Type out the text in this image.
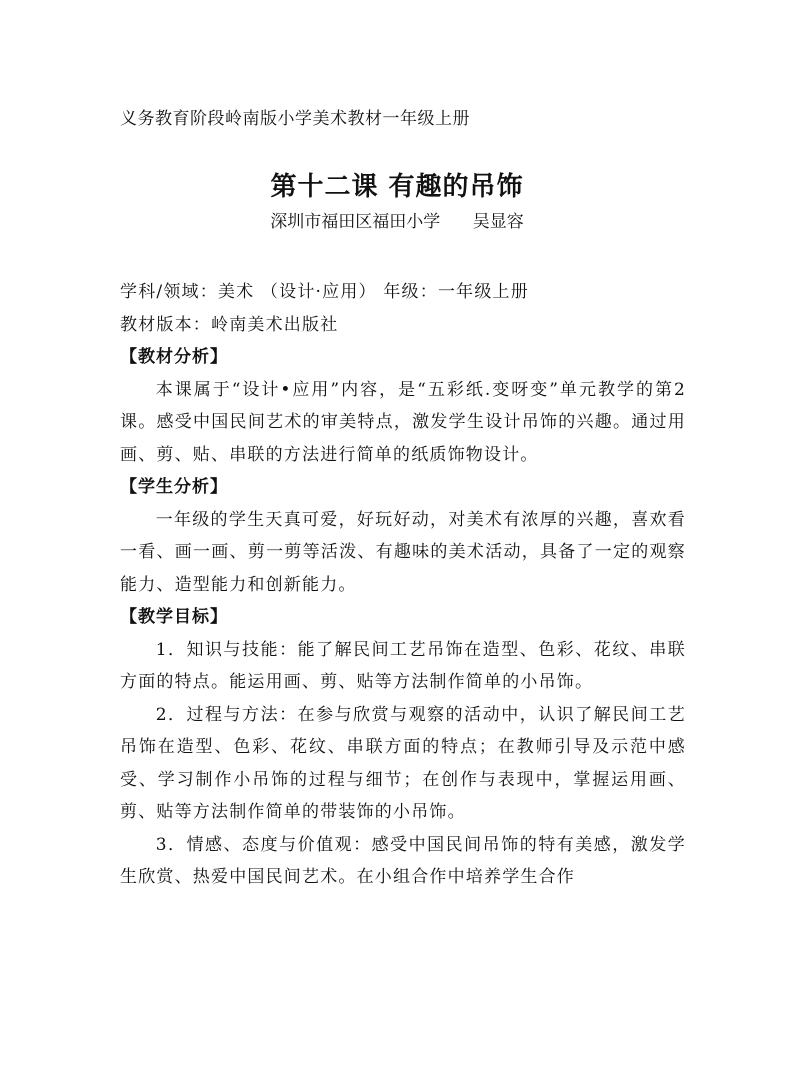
义务教育阶段岭南版小学美术教材一年级上册
第十二课 有趣的吊饰
深圳市福田区福田小学      吴显容

学科/领域：美术 （设计·应用） 年级：一年级上册

教材版本：岭南美术出版社

【教材分析】

本课属于“设计•应用”内容，是“五彩纸.变呀变”单元教学的第2课。感受中国民间艺术的审美特点，激发学生设计吊饰的兴趣。通过用画、剪、贴、串联的方法进行简单的纸质饰物设计。

【学生分析】

一年级的学生天真可爱，好玩好动，对美术有浓厚的兴趣，喜欢看一看、画一画、剪一剪等活泼、有趣味的美术活动，具备了一定的观察能力、造型能力和创新能力。

【教学目标】

1．知识与技能：能了解民间工艺吊饰在造型、色彩、花纹、串联方面的特点。能运用画、剪、贴等方法制作简单的小吊饰。

2．过程与方法：在参与欣赏与观察的活动中，认识了解民间工艺吊饰在造型、色彩、花纹、串联方面的特点；在教师引导及示范中感受、学习制作小吊饰的过程与细节；在创作与表现中，掌握运用画、剪、贴等方法制作简单的带装饰的小吊饰。

3．情感、态度与价值观：感受中国民间吊饰的特有美感，激发学生欣赏、热爱中国民间艺术。在小组合作中培养学生合作
